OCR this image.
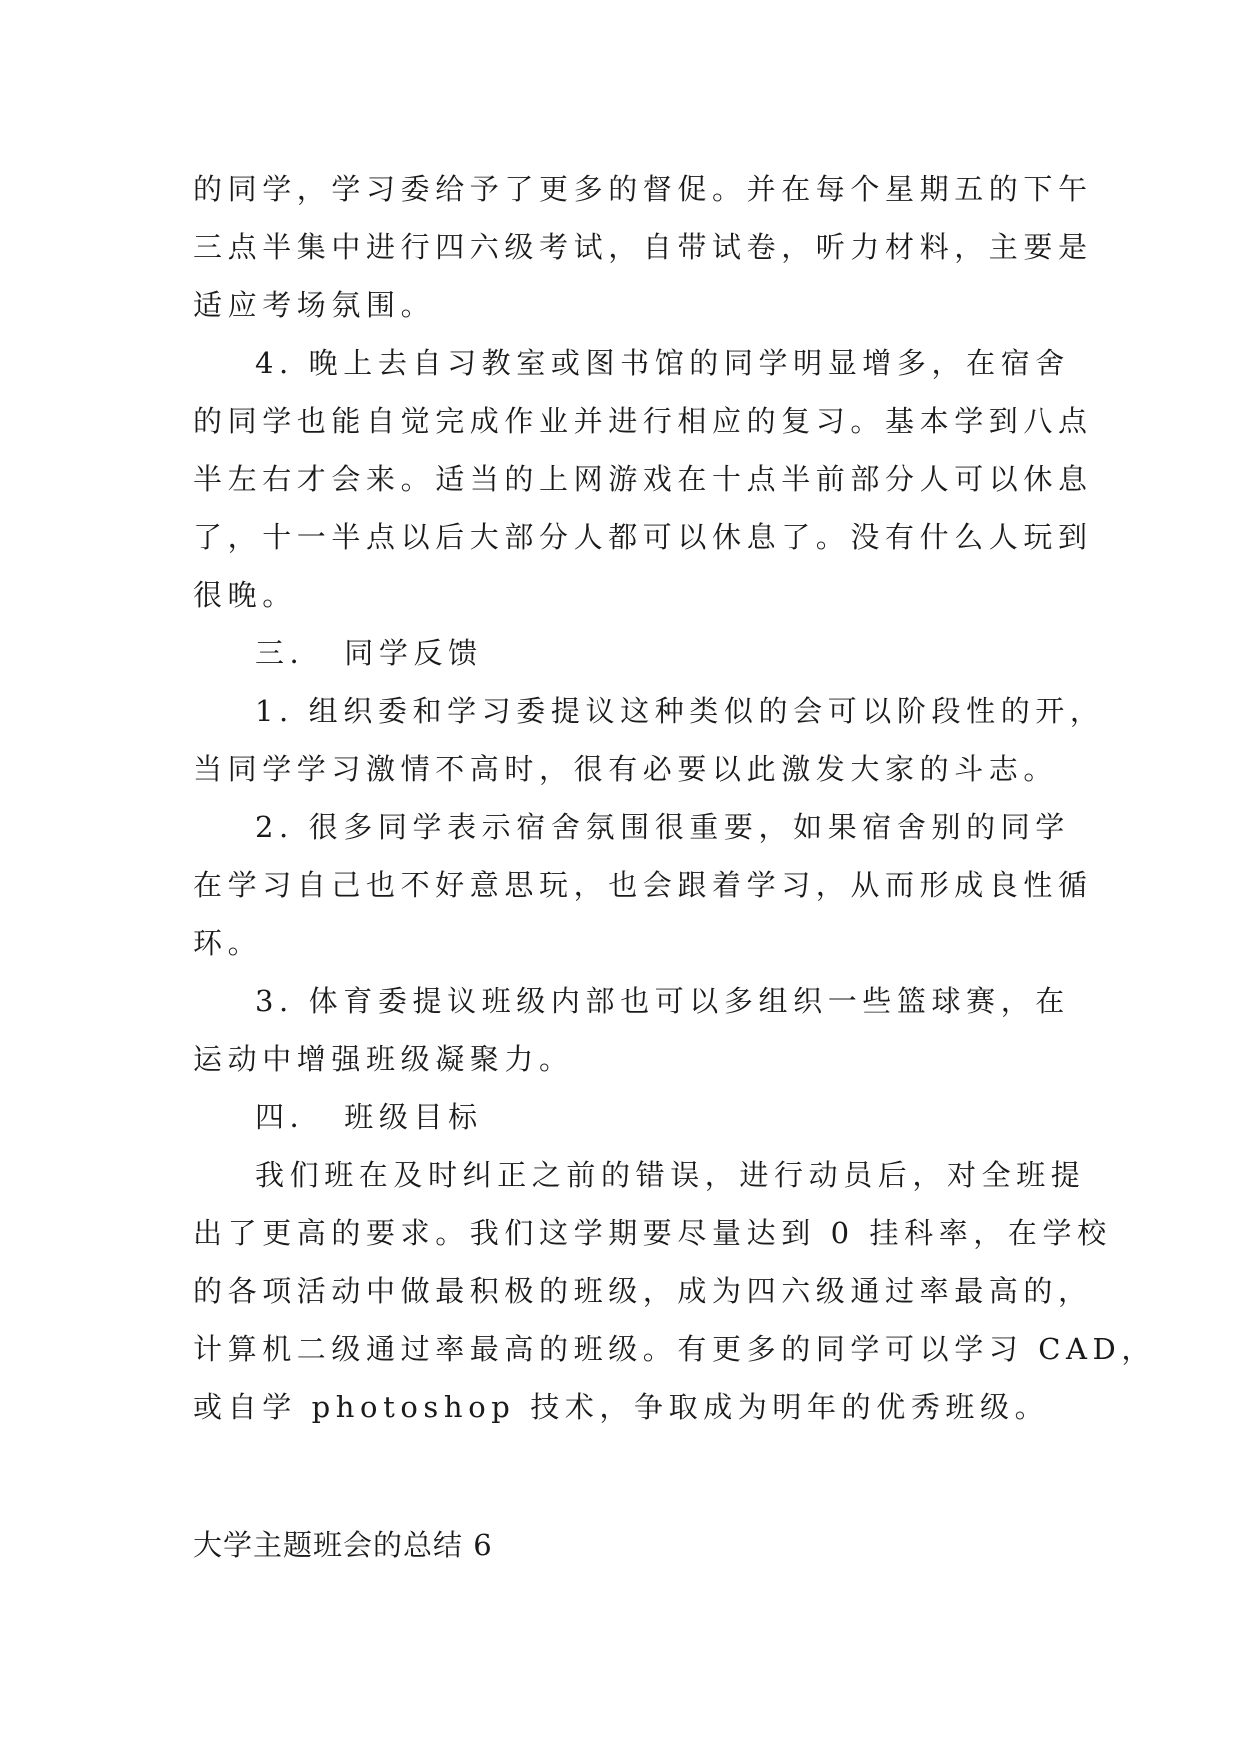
的同学，学习委给予了更多的督促。并在每个星期五的下午
三点半集中进行四六级考试，自带试卷，听力材料，主要是
适应考场氛围。
4. 晚上去自习教室或图书馆的同学明显增多，在宿舍
的同学也能自觉完成作业并进行相应的复习。基本学到八点
半左右才会来。适当的上网游戏在十点半前部分人可以休息
了，十一半点以后大部分人都可以休息了。没有什么人玩到
很晚。
三．　同学反馈
1. 组织委和学习委提议这种类似的会可以阶段性的开，
当同学学习激情不高时，很有必要以此激发大家的斗志。
2. 很多同学表示宿舍氛围很重要，如果宿舍别的同学
在学习自己也不好意思玩，也会跟着学习，从而形成良性循
环。
3. 体育委提议班级内部也可以多组织一些篮球赛，在
运动中增强班级凝聚力。
四．　班级目标
我们班在及时纠正之前的错误，进行动员后，对全班提
出了更高的要求。我们这学期要尽量达到 0 挂科率，在学校
的各项活动中做最积极的班级，成为四六级通过率最高的，
计算机二级通过率最高的班级。有更多的同学可以学习 CAD，
或自学 photoshop 技术，争取成为明年的优秀班级。
大学主题班会的总结 6
